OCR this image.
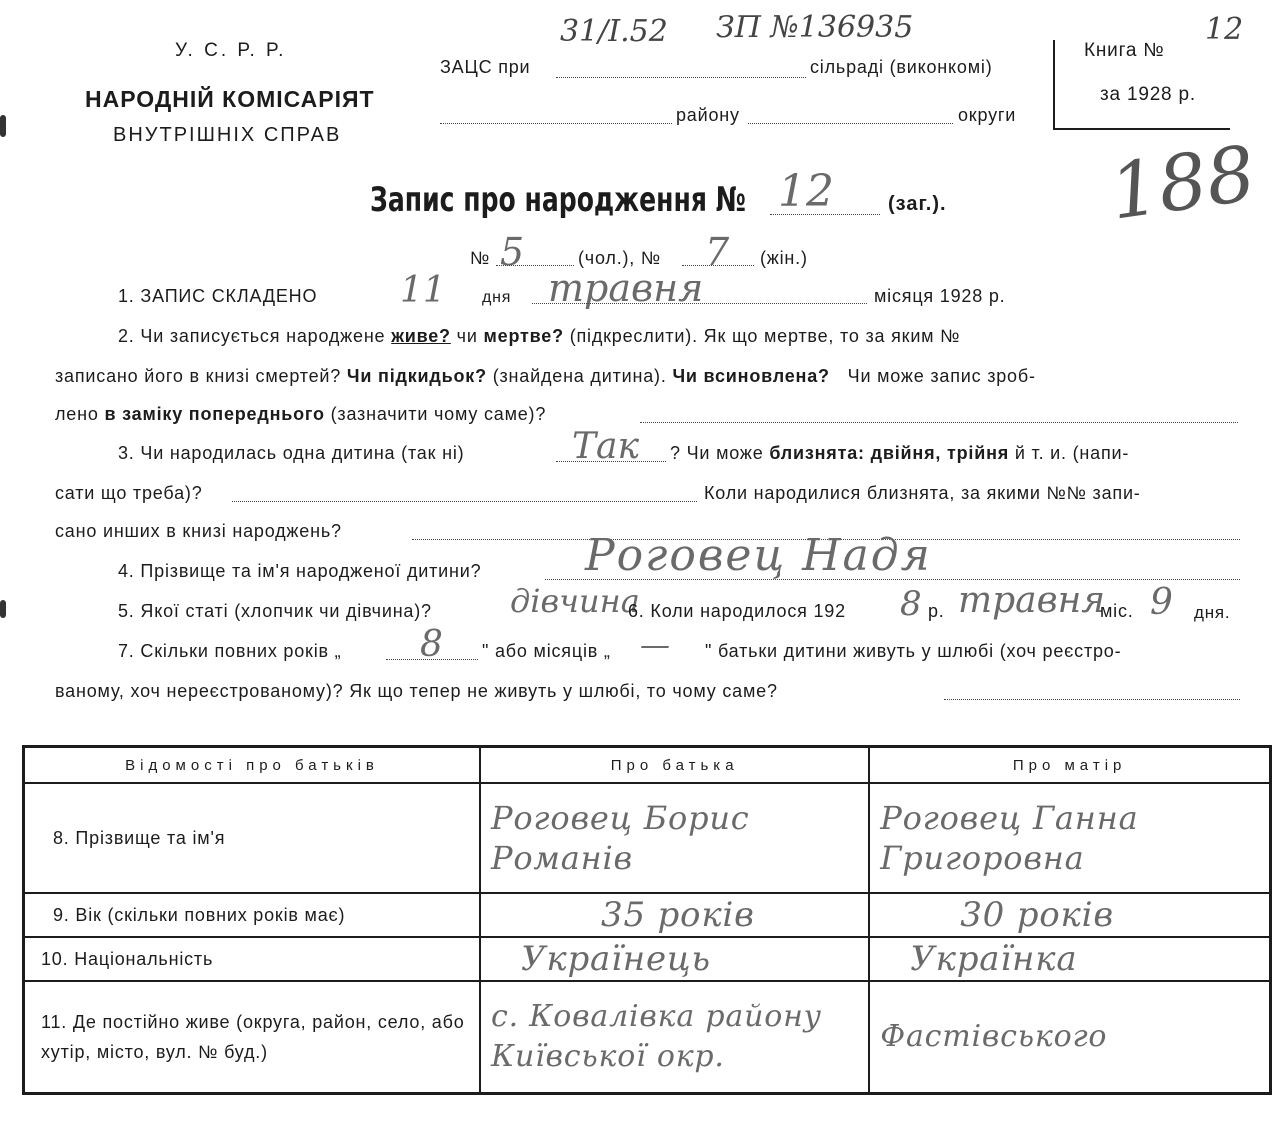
У. С. Р. Р.
НАРОДНІЙ КОМІСАРІЯТ
ВНУТРІШНІХ СПРАВ
ЗАЦС при	сільраді (виконкомі)
району	округи
31/I.52 ЗП №136935	12
Книга №
за 1928 р.
188
Запис про народження № 12	(заг.).
№ 5	(чол.), № 7 (жін.)
1. ЗАПИС СКЛАДЕНО 11 дня травня	місяця 1928 р.
2. Чи записується народжене живе? чи мертве? (підкреслити). Як що мертве, то за яким №
записано його в книзі смертей? Чи підкидьок? (знайдена дитина). Чи всиновлена? Чи може запис зроб-
лено в заміку попереднього (зазначити чому саме)?
3. Чи народилась одна дитина (так ні)	Так ? Чи може близнята: двійня, трійня й т. и. (напи-
сати що треба)?	Коли народилися близнята, за якими №№ запи-
сано инших в книзі народжень?
4. Прізвище та ім'я народженої дитини? Роговец Надя
5. Якої статі (хлопчик чи дівчина)? дівчина
6. Коли народилося 192 8 р. травня
міс. 9 дня.
7. Скільки повних років „ 8 " або місяців „ — " батьки дитини живуть у шлюбі (хоч реєстро-
ваному, хоч нереєстрованому)? Як що тепер не живуть у шлюбі, то чому саме?
Відомості про батьків	Про батька	Про матір
8. Прізвище та ім'я	Роговец Борис Романів	Роговец Ганна Григоровна

9. Вік (скільки повних років має)	35 років	30 років

10. Національність	Українець	Українка

11. Де постійно живе (округа, район, село, або хутір, місто, вул. № буд.)	с. Ковалівка району Київської окр.	Фастівського
